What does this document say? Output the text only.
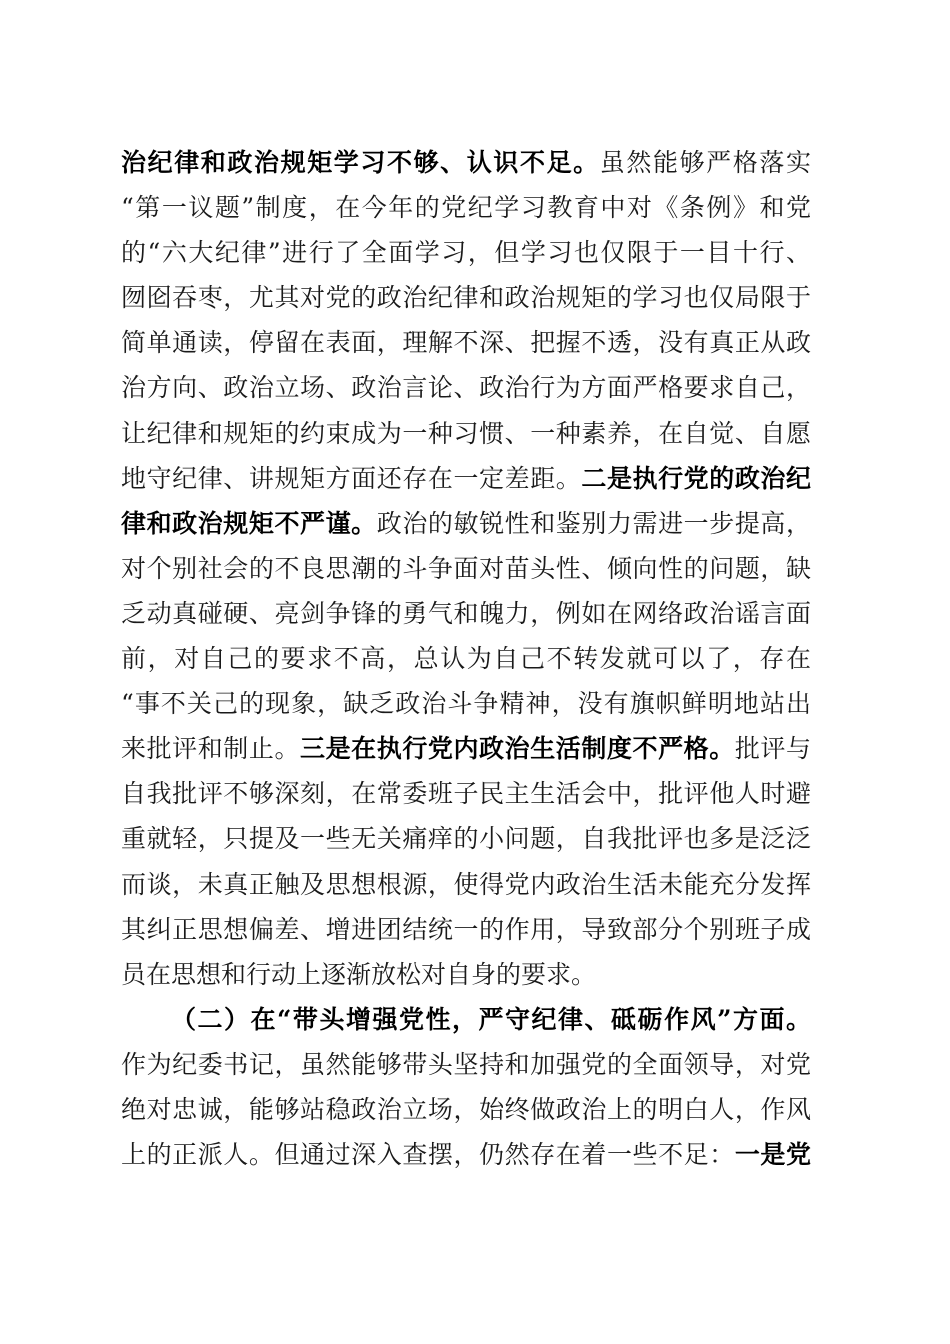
治纪律和政治规矩学习不够、认识不足。虽然能够严格落实
“第一议题”制度，在今年的党纪学习教育中对《条例》和党
的“六大纪律”进行了全面学习，但学习也仅限于一目十行、
囫囵吞枣，尤其对党的政治纪律和政治规矩的学习也仅局限于
简单通读，停留在表面，理解不深、把握不透，没有真正从政
治方向、政治立场、政治言论、政治行为方面严格要求自己，
让纪律和规矩的约束成为一种习惯、一种素养，在自觉、自愿
地守纪律、讲规矩方面还存在一定差距。二是执行党的政治纪
律和政治规矩不严谨。政治的敏锐性和鉴别力需进一步提高，
对个别社会的不良思潮的斗争面对苗头性、倾向性的问题，缺
乏动真碰硬、亮剑争锋的勇气和魄力，例如在网络政治谣言面
前，对自己的要求不高，总认为自己不转发就可以了，存在
“事不关己的现象，缺乏政治斗争精神，没有旗帜鲜明地站出
来批评和制止。三是在执行党内政治生活制度不严格。批评与
自我批评不够深刻，在常委班子民主生活会中，批评他人时避
重就轻，只提及一些无关痛痒的小问题，自我批评也多是泛泛
而谈，未真正触及思想根源，使得党内政治生活未能充分发挥
其纠正思想偏差、增进团结统一的作用，导致部分个别班子成
员在思想和行动上逐渐放松对自身的要求。
（二）在“带头增强党性，严守纪律、砥砺作风”方面。
作为纪委书记，虽然能够带头坚持和加强党的全面领导，对党
绝对忠诚，能够站稳政治立场，始终做政治上的明白人，作风
上的正派人。但通过深入查摆，仍然存在着一些不足：一是党
